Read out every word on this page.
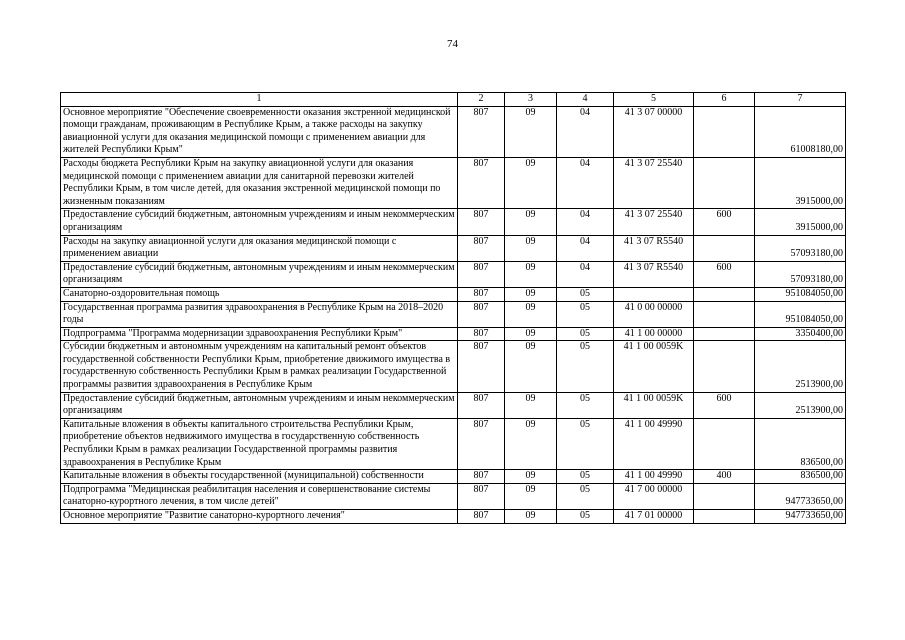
74
1	2	3	4	5	6	7
Основное мероприятие "Обеспечение своевременности оказания экстренной медицинской помощи гражданам, проживающим в Республике Крым, а также расходы на закупку авиационной услуги для оказания медицинской помощи с применением авиации для жителей Республики Крым"	807	09	04	41 3 07 00000		61008180,00
Расходы бюджета Республики Крым на закупку авиационной услуги для оказания медицинской помощи с применением авиации для санитарной перевозки жителей Республики Крым, в том числе детей, для оказания экстренной медицинской помощи по жизненным показаниям	807	09	04	41 3 07 25540		3915000,00
Предоставление субсидий бюджетным, автономным учреждениям и иным некоммерческим организациям	807	09	04	41 3 07 25540	600	3915000,00
Расходы на закупку авиационной услуги для оказания медицинской помощи с применением авиации	807	09	04	41 3 07 R5540		57093180,00
Предоставление субсидий бюджетным, автономным учреждениям и иным некоммерческим организациям	807	09	04	41 3 07 R5540	600	57093180,00
Санаторно-оздоровительная помощь	807	09	05			951084050,00
Государственная программа развития здравоохранения в Республике Крым на 2018–2020 годы	807	09	05	41 0 00 00000		951084050,00
Подпрограмма "Программа модернизации здравоохранения Республики Крым"	807	09	05	41 1 00 00000		3350400,00
Субсидии бюджетным и автономным учреждениям на капитальный ремонт объектов государственной собственности Республики Крым, приобретение движимого имущества в государственную собственность Республики Крым в рамках реализации Государственной программы развития здравоохранения в Республике Крым	807	09	05	41 1 00 0059K		2513900,00
Предоставление субсидий бюджетным, автономным учреждениям и иным некоммерческим организациям	807	09	05	41 1 00 0059K	600	2513900,00
Капитальные вложения в объекты капитального строительства Республики Крым, приобретение объектов недвижимого имущества в государственную собственность Республики Крым в рамках реализации Государственной программы развития здравоохранения в Республике Крым	807	09	05	41 1 00 49990		836500,00
Капитальные вложения в объекты государственной (муниципальной) собственности	807	09	05	41 1 00 49990	400	836500,00
Подпрограмма "Медицинская реабилитация населения и совершенствование системы санаторно-курортного лечения, в том числе детей"	807	09	05	41 7 00 00000		947733650,00
Основное мероприятие "Развитие санаторно-курортного лечения"	807	09	05	41 7 01 00000		947733650,00
